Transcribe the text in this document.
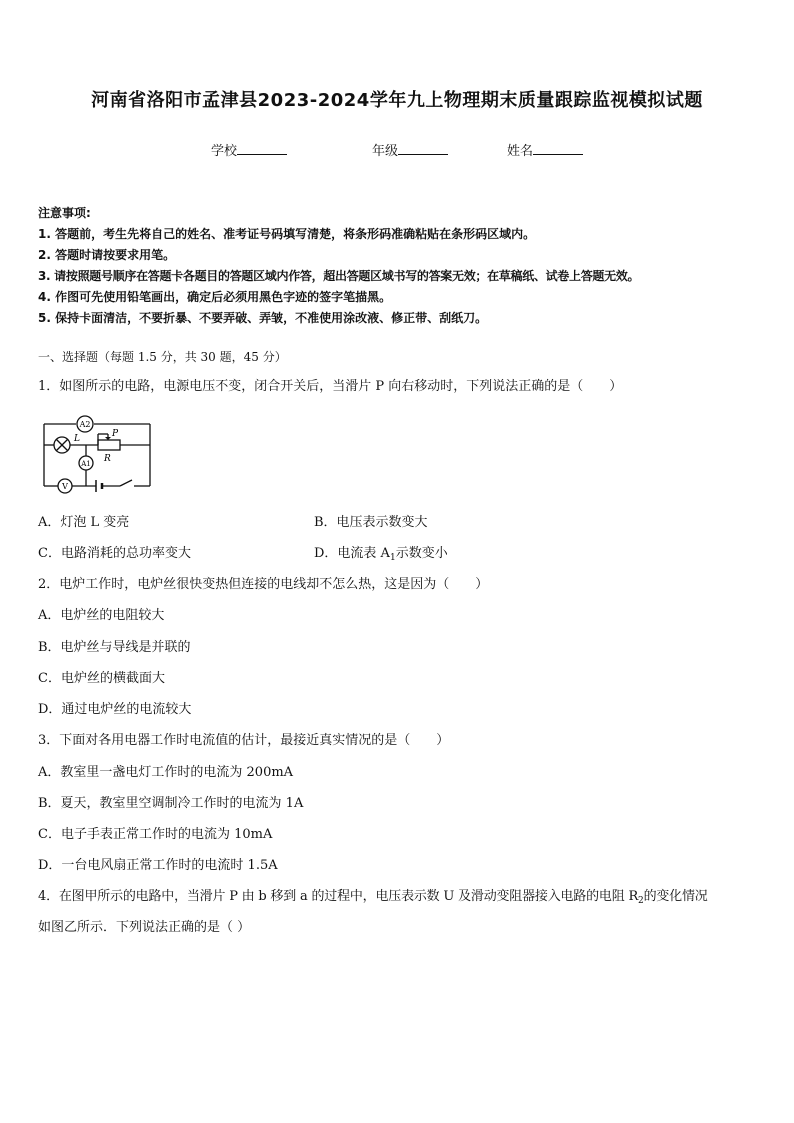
河南省洛阳市孟津县2023-2024学年九上物理期末质量跟踪监视模拟试题
学校	年级	姓名
注意事项:
1. 答题前，考生先将自己的姓名、准考证号码填写清楚，将条形码准确粘贴在条形码区域内。
2. 答题时请按要求用笔。
3. 请按照题号顺序在答题卡各题目的答题区域内作答，超出答题区域书写的答案无效；在草稿纸、试卷上答题无效。
4. 作图可先使用铅笔画出，确定后必须用黑色字迹的签字笔描黑。
5. 保持卡面清洁，不要折暴、不要弄破、弄皱，不准使用涂改液、修正带、刮纸刀。
一、选择题（每题 1.5 分，共 30 题，45 分）
1．如图所示的电路，电源电压不变，闭合开关后，当滑片 P 向右移动时，下列说法正确的是（　　）
A2
L	P
R
A1
V
A．灯泡 L 变亮	B．电压表示数变大
C．电路消耗的总功率变大	D．电流表 $A_1$示数变小
2．电炉工作时，电炉丝很快变热但连接的电线却不怎么热，这是因为（　　）
A．电炉丝的电阻较大
B．电炉丝与导线是并联的
C．电炉丝的横截面大
D．通过电炉丝的电流较大
3．下面对各用电器工作时电流值的估计，最接近真实情况的是（　　）
A．教室里一盏电灯工作时的电流为 200mA
B．夏天，教室里空调制冷工作时的电流为 1A
C．电子手表正常工作时的电流为 10mA
D．一台电风扇正常工作时的电流时 1.5A
4．在图甲所示的电路中，当滑片 P 由 b 移到 a 的过程中，电压表示数 U 及滑动变阻器接入电路的电阻 $R_2$的变化情况
如图乙所示．下列说法正确的是（ ）
